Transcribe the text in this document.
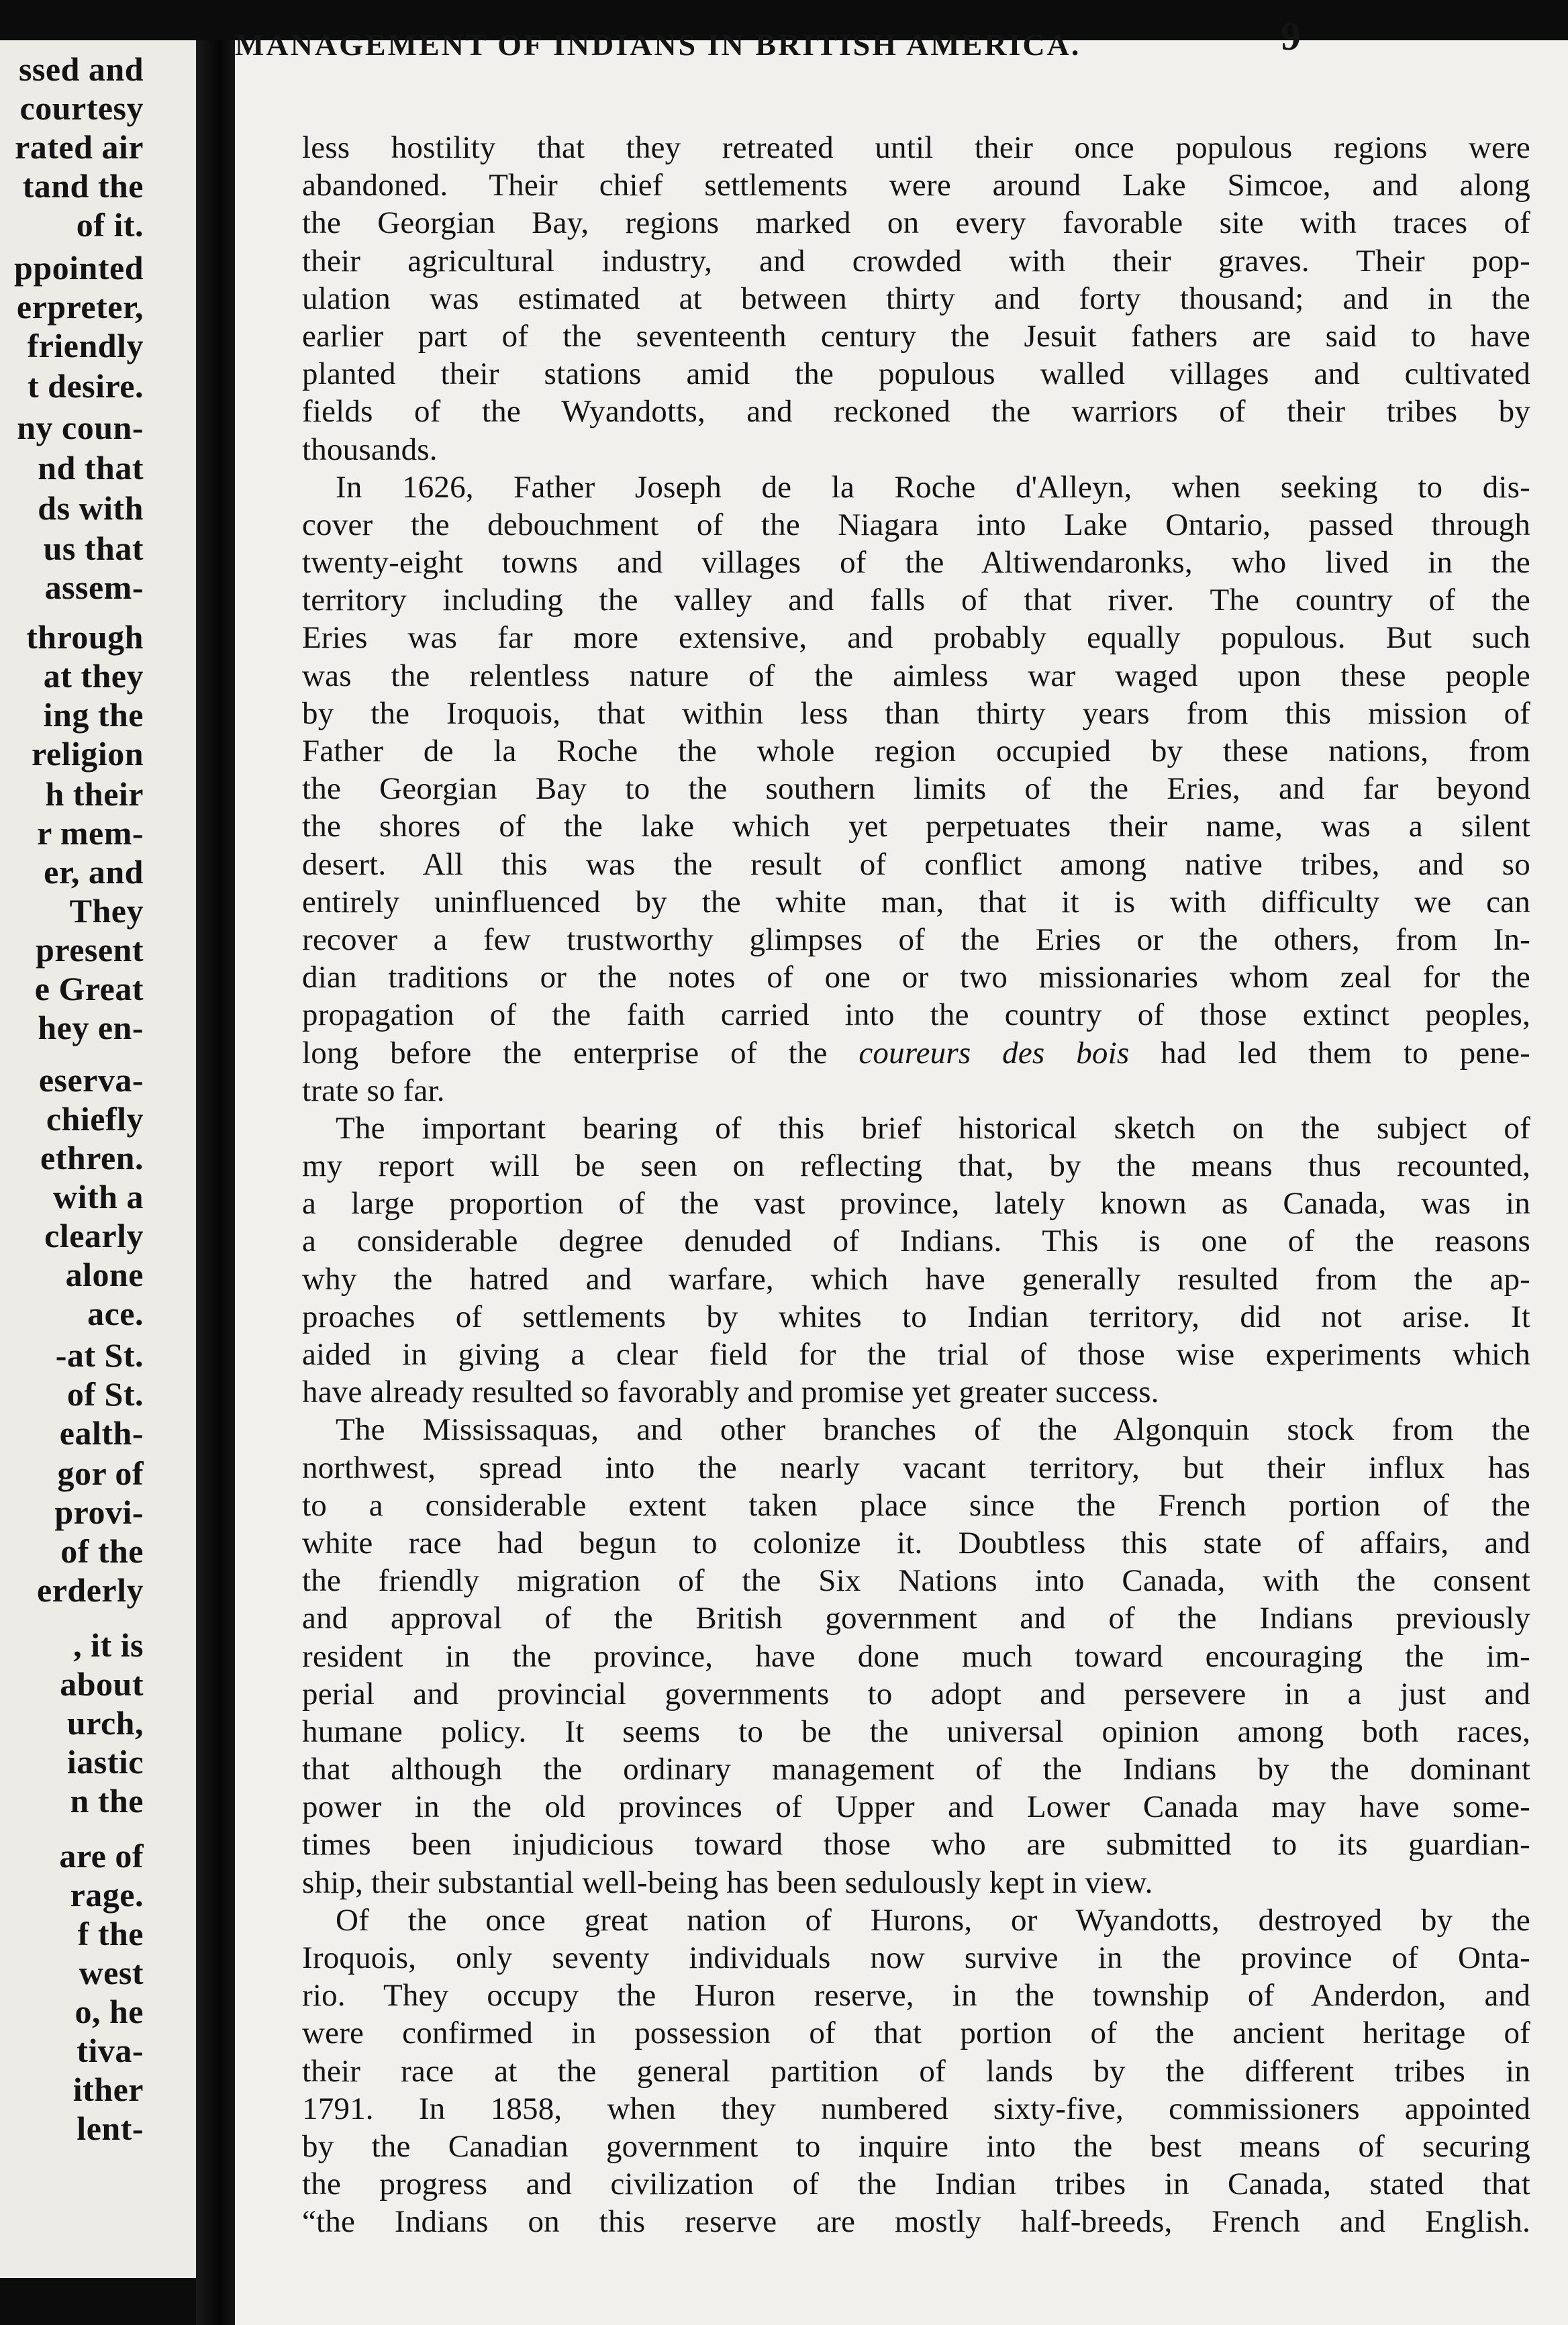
ssed and
courtesy
rated air
tand the
of it.
ppointed
erpreter,
friendly
t desire.
ny coun-
nd that
ds with
us that
assem-
through
at they
ing the
religion
h their
r mem-
er, and
They
present
e Great
hey en-
eserva-
chiefly
ethren.
with a
clearly
alone
ace.
-at St.
of St.
ealth-
gor of
provi-
of the
erderly
, it is
about
urch,
iastic
n the
are of
rage.
f the
west
o, he
tiva-
ither
lent-
less hostility that they retreated until their once populous regions were
abandoned. Their chief settlements were around Lake Simcoe, and along
the Georgian Bay, regions marked on every favorable site with traces of
their agricultural industry, and crowded with their graves. Their pop-
ulation was estimated at between thirty and forty thousand; and in the
earlier part of the seventeenth century the Jesuit fathers are said to have
planted their stations amid the populous walled villages and cultivated
fields of the Wyandotts, and reckoned the warriors of their tribes by
thousands.
In 1626, Father Joseph de la Roche d'Alleyn, when seeking to dis-
cover the debouchment of the Niagara into Lake Ontario, passed through
twenty-eight towns and villages of the Altiwendaronks, who lived in the
territory including the valley and falls of that river. The country of the
Eries was far more extensive, and probably equally populous. But such
was the relentless nature of the aimless war waged upon these people
by the Iroquois, that within less than thirty years from this mission of
Father de la Roche the whole region occupied by these nations, from
the Georgian Bay to the southern limits of the Eries, and far beyond
the shores of the lake which yet perpetuates their name, was a silent
desert. All this was the result of conflict among native tribes, and so
entirely uninfluenced by the white man, that it is with difficulty we can
recover a few trustworthy glimpses of the Eries or the others, from In-
dian traditions or the notes of one or two missionaries whom zeal for the
propagation of the faith carried into the country of those extinct peoples,
long before the enterprise of the coureurs des bois had led them to pene-
trate so far.
The important bearing of this brief historical sketch on the subject of
my report will be seen on reflecting that, by the means thus recounted,
a large proportion of the vast province, lately known as Canada, was in
a considerable degree denuded of Indians. This is one of the reasons
why the hatred and warfare, which have generally resulted from the ap-
proaches of settlements by whites to Indian territory, did not arise. It
aided in giving a clear field for the trial of those wise experiments which
have already resulted so favorably and promise yet greater success.
The Mississaquas, and other branches of the Algonquin stock from the
northwest, spread into the nearly vacant territory, but their influx has
to a considerable extent taken place since the French portion of the
white race had begun to colonize it. Doubtless this state of affairs, and
the friendly migration of the Six Nations into Canada, with the consent
and approval of the British government and of the Indians previously
resident in the province, have done much toward encouraging the im-
perial and provincial governments to adopt and persevere in a just and
humane policy. It seems to be the universal opinion among both races,
that although the ordinary management of the Indians by the dominant
power in the old provinces of Upper and Lower Canada may have some-
times been injudicious toward those who are submitted to its guardian-
ship, their substantial well-being has been sedulously kept in view.
Of the once great nation of Hurons, or Wyandotts, destroyed by the
Iroquois, only seventy individuals now survive in the province of Onta-
rio. They occupy the Huron reserve, in the township of Anderdon, and
were confirmed in possession of that portion of the ancient heritage of
their race at the general partition of lands by the different tribes in
1791. In 1858, when they numbered sixty-five, commissioners appointed
by the Canadian government to inquire into the best means of securing
the progress and civilization of the Indian tribes in Canada, stated that
“the Indians on this reserve are mostly half-breeds, French and English.
MANAGEMENT OF INDIANS IN BRITISH AMERICA.	9
